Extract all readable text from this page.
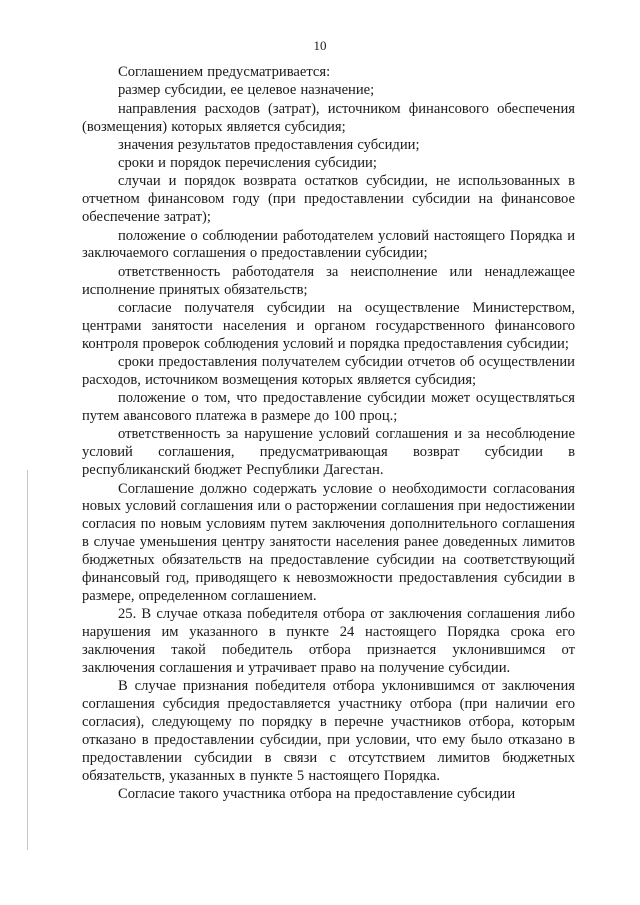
10

Соглашением предусматривается:

размер субсидии, ее целевое назначение;

направления расходов (затрат), источником финансового обеспечения (возмещения) которых является субсидия;

значения результатов предоставления субсидии;

сроки и порядок перечисления субсидии;

случаи и порядок возврата остатков субсидии, не использованных в отчетном финансовом году (при предоставлении субсидии на финансовое обеспечение затрат);

положение о соблюдении работодателем условий настоящего Порядка и заключаемого соглашения о предоставлении субсидии;

ответственность работодателя за неисполнение или ненадлежащее исполнение принятых обязательств;

согласие получателя субсидии на осуществление Министерством, центрами занятости населения и органом государственного финансового контроля проверок соблюдения условий и порядка предоставления субсидии;

сроки предоставления получателем субсидии отчетов об осуществлении расходов, источником возмещения которых является субсидия;

положение о том, что предоставление субсидии может осуществляться путем авансового платежа в размере до 100 проц.;

ответственность за нарушение условий соглашения и за несоблюдение условий соглашения, предусматривающая возврат субсидии в республиканский бюджет Республики Дагестан.

Соглашение должно содержать условие о необходимости согласования новых условий соглашения или о расторжении соглашения при недостижении согласия по новым условиям путем заключения дополнительного соглашения в случае уменьшения центру занятости населения ранее доведенных лимитов бюджетных обязательств на предоставление субсидии на соответствующий финансовый год, приводящего к невозможности предоставления субсидии в размере, определенном соглашением.

25. В случае отказа победителя отбора от заключения соглашения либо нарушения им указанного в пункте 24 настоящего Порядка срока его заключения такой победитель отбора признается уклонившимся от заключения соглашения и утрачивает право на получение субсидии.

В случае признания победителя отбора уклонившимся от заключения соглашения субсидия предоставляется участнику отбора (при наличии его согласия), следующему по порядку в перечне участников отбора, которым отказано в предоставлении субсидии, при условии, что ему было отказано в предоставлении субсидии в связи с отсутствием лимитов бюджетных обязательств, указанных в пункте 5 настоящего Порядка.

Согласие такого участника отбора на предоставление субсидии
